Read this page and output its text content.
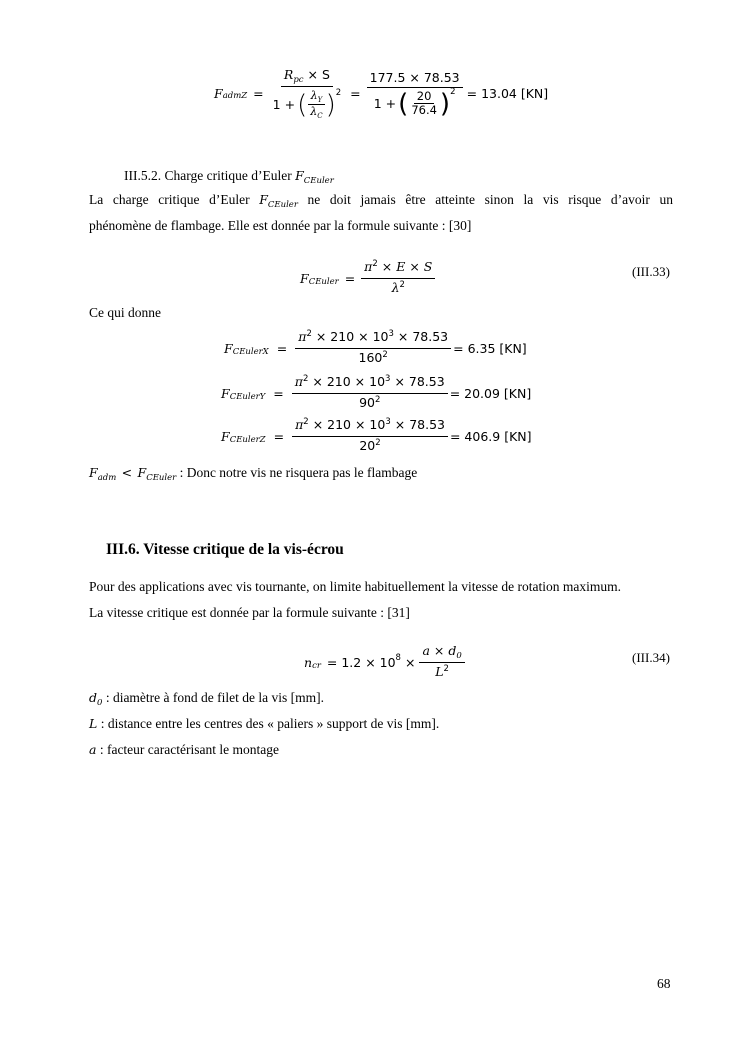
F admZ = $\frac{R_{pc} \times S}{1 + ( \frac{\lambda_Y}{\lambda_C} ) 2} = \frac{177.5 \times 78.53}{1 + ( \frac{20}{76.4} ) 2} = 13.04$ [KN]
III.5.2. Charge critique d’Euler $F_{CEuler}$
La charge critique d’Euler $F_{CEuler}$ ne doit jamais être atteinte sinon la vis risque d’avoir un
phénomène de flambage. Elle est donnée par la formule suivante : [30]
F CEuler = $\frac{\pi^2 \times E \times S}{\lambda^2}$	(III.33)
Ce qui donne
F CEulerX = $\frac{\pi^2 \times 210 \times 10^3 \times 78.53}{160^2} = 6.35$ [KN]
F CEulerY = $\frac{\pi^2 \times 210 \times 10^3 \times 78.53}{90^2} = 20.09$ [KN]
F CEulerZ = $\frac{\pi^2 \times 210 \times 10^3 \times 78.53}{20^2} = 406.9$ [KN]
$F_{adm} < F_{CEuler}$ : Donc notre vis ne risquera pas le flambage
III.6. Vitesse critique de la vis-écrou
Pour des applications avec vis tournante, on limite habituellement la vitesse de rotation maximum.
La vitesse critique est donnée par la formule suivante : [31]
n cr = 1.2 × 10 $8 \times \frac{a \times d_0}{L^2}$	(III.34)
$d_0$ : diamètre à fond de filet de la vis [mm].
L : distance entre les centres des « paliers » support de vis [mm].
a : facteur caractérisant le montage
68
